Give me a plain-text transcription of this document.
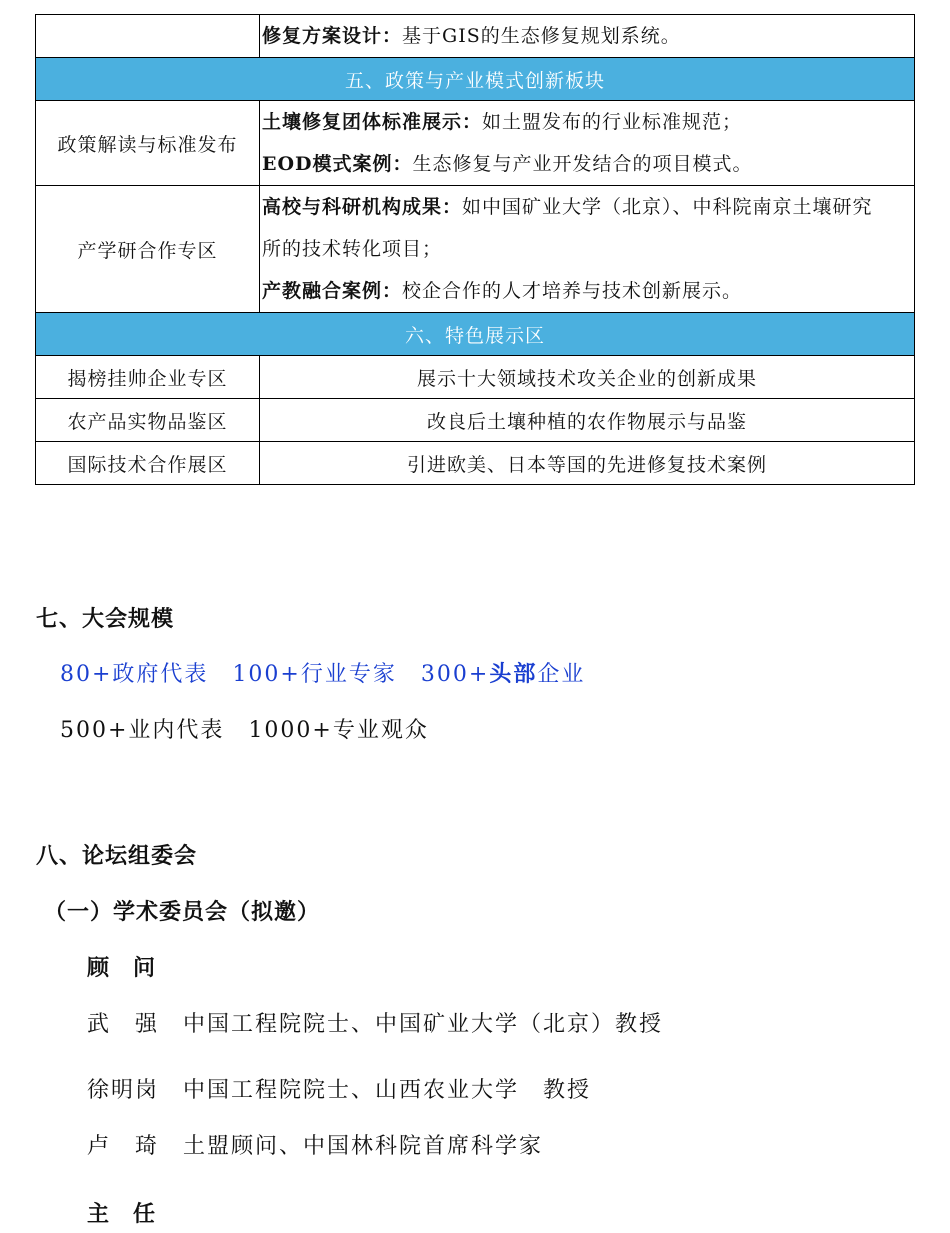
	修复方案设计：基于GIS的生态修复规划系统。
五、政策与产业模式创新板块	
政策解读与标准发布	土壤修复团体标准展示：如土盟发布的行业标准规范；
EOD模式案例：生态修复与产业开发结合的项目模式。

产学研合作专区	高校与科研机构成果：如中国矿业大学（北京）、中科院南京土壤研究
所的技术转化项目；
产教融合案例：校企合作的人才培养与技术创新展示。

六、特色展示区	
揭榜挂帅企业专区	展示十大领域技术攻关企业的创新成果
农产品实物品鉴区	改良后土壤种植的农作物展示与品鉴
国际技术合作展区	引进欧美、日本等国的先进修复技术案例
七、大会规模
80+政府代表 100+行业专家 300+头部企业
500+业内代表 1000+专业观众
八、论坛组委会
（一）学术委员会（拟邀）
顾　问
武　强 中国工程院院士、中国矿业大学（北京）教授
徐明岗 中国工程院院士、山西农业大学　教授
卢　琦 土盟顾问、中国林科院首席科学家
主　任
